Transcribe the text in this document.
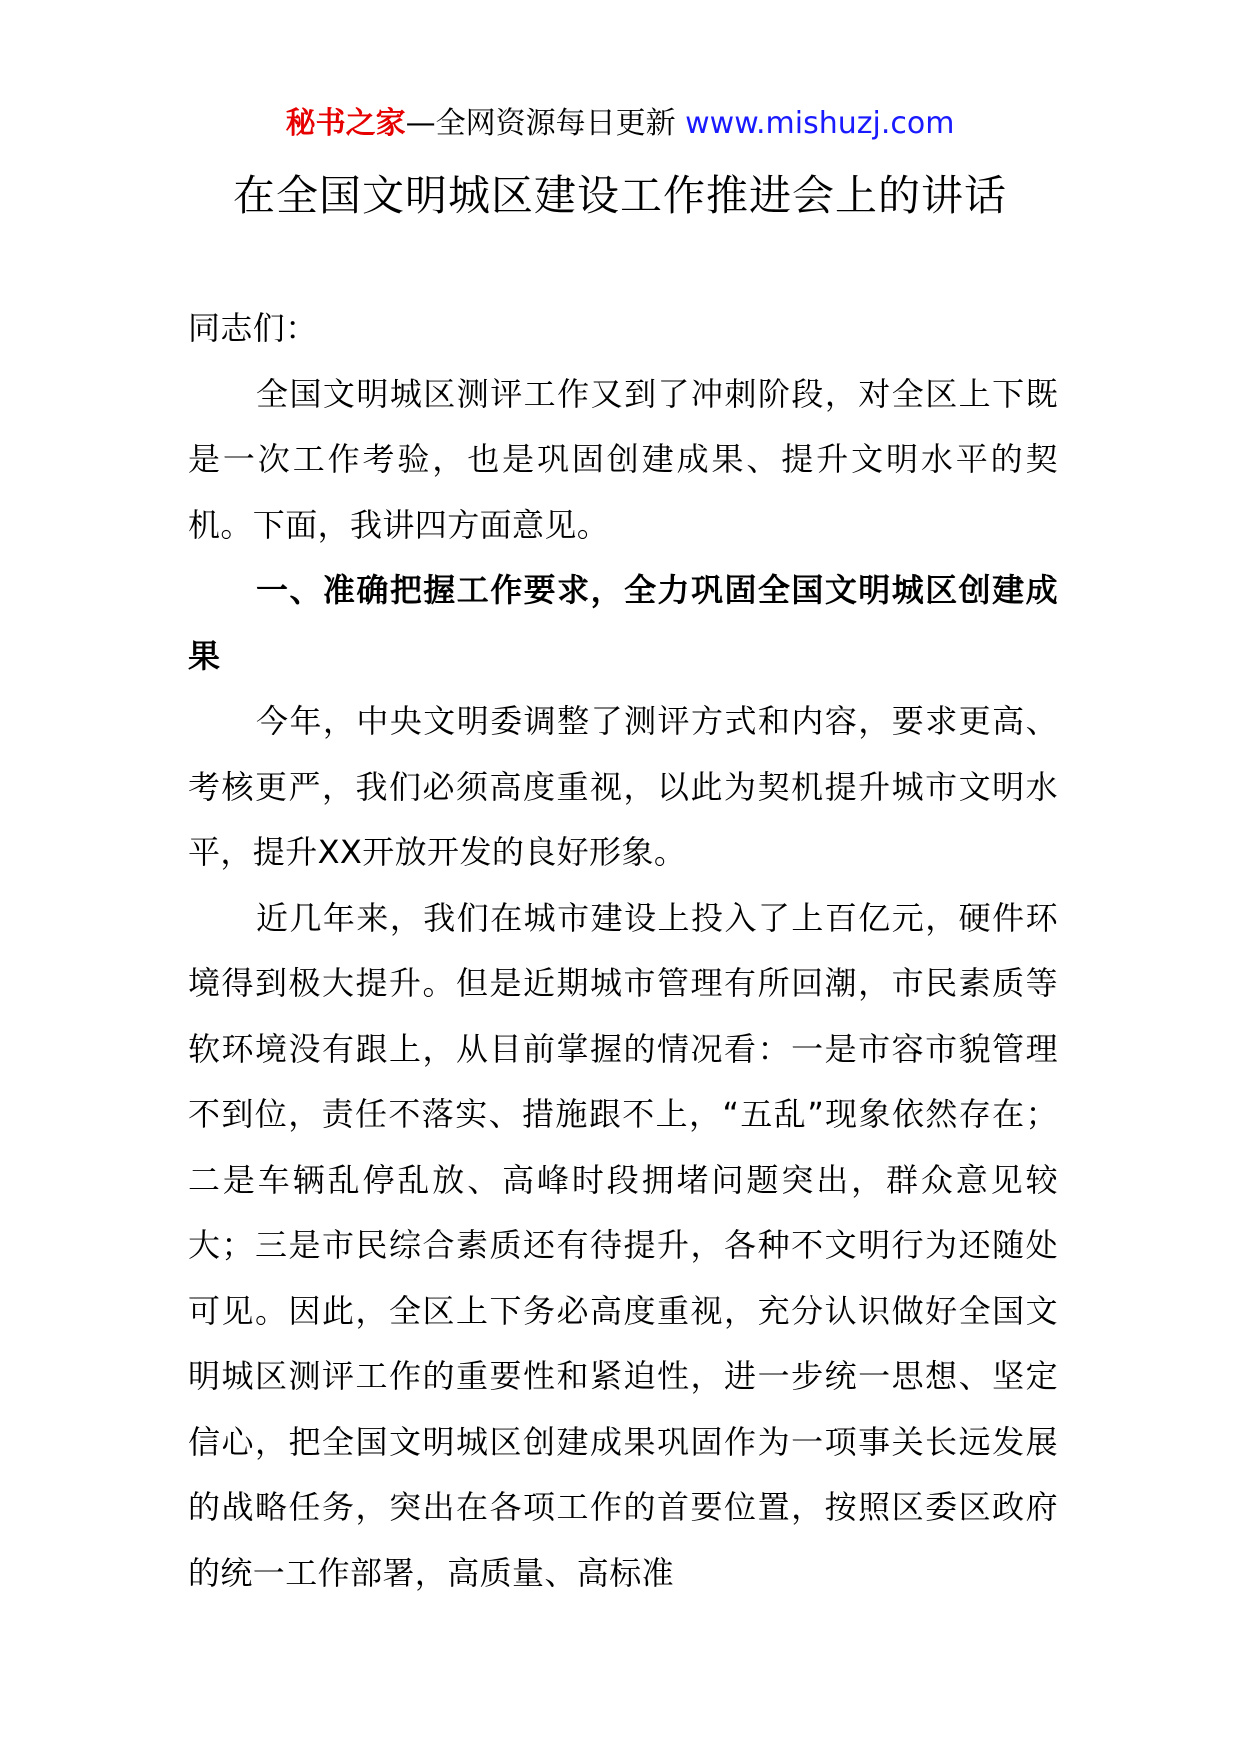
秘书之家—全网资源每日更新 www.mishuzj.com
在全国文明城区建设工作推进会上的讲话

同志们：

全国文明城区测评工作又到了冲刺阶段，对全区上下既是一次工作考验，也是巩固创建成果、提升文明水平的契机。下面，我讲四方面意见。

一、准确把握工作要求，全力巩固全国文明城区创建成果

今年，中央文明委调整了测评方式和内容，要求更高、考核更严，我们必须高度重视，以此为契机提升城市文明水平，提升XX开放开发的良好形象。

近几年来，我们在城市建设上投入了上百亿元，硬件环境得到极大提升。但是近期城市管理有所回潮，市民素质等软环境没有跟上，从目前掌握的情况看：一是市容市貌管理不到位，责任不落实、措施跟不上，“五乱”现象依然存在；二是车辆乱停乱放、高峰时段拥堵问题突出，群众意见较大；三是市民综合素质还有待提升，各种不文明行为还随处可见。因此，全区上下务必高度重视，充分认识做好全国文明城区测评工作的重要性和紧迫性，进一步统一思想、坚定信心，把全国文明城区创建成果巩固作为一项事关长远发展的战略任务，突出在各项工作的首要位置，按照区委区政府的统一工作部署，高质量、高标准
